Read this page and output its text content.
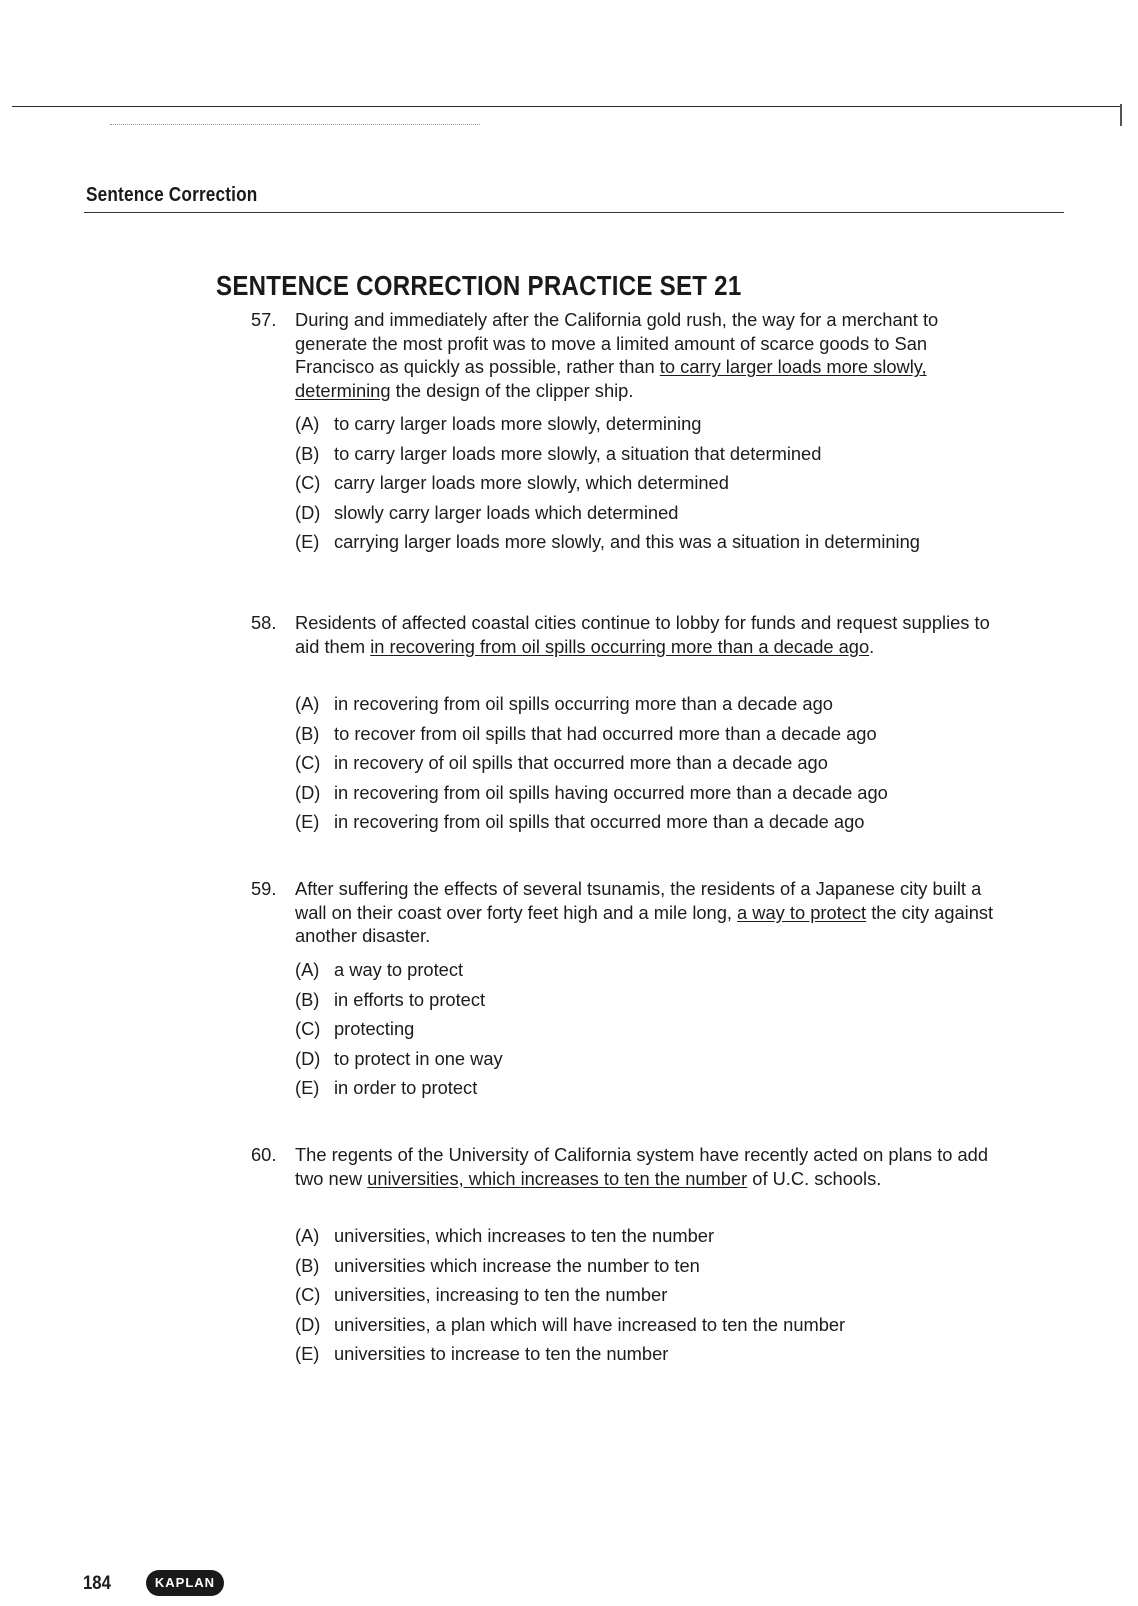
Sentence Correction
SENTENCE CORRECTION PRACTICE SET 21
57. During and immediately after the California gold rush, the way for a merchant to generate the most profit was to move a limited amount of scarce goods to San Francisco as quickly as possible, rather than to carry larger loads more slowly, determining the design of the clipper ship.

(A) to carry larger loads more slowly, determining
(B) to carry larger loads more slowly, a situation that determined
(C) carry larger loads more slowly, which determined
(D) slowly carry larger loads which determined
(E) carrying larger loads more slowly, and this was a situation in determining
58. Residents of affected coastal cities continue to lobby for funds and request supplies to aid them in recovering from oil spills occurring more than a decade ago.

(A) in recovering from oil spills occurring more than a decade ago
(B) to recover from oil spills that had occurred more than a decade ago
(C) in recovery of oil spills that occurred more than a decade ago
(D) in recovering from oil spills having occurred more than a decade ago
(E) in recovering from oil spills that occurred more than a decade ago
59. After suffering the effects of several tsunamis, the residents of a Japanese city built a wall on their coast over forty feet high and a mile long, a way to protect the city against another disaster.

(A) a way to protect
(B) in efforts to protect
(C) protecting
(D) to protect in one way
(E) in order to protect
60. The regents of the University of California system have recently acted on plans to add two new universities, which increases to ten the number of U.C. schools.

(A) universities, which increases to ten the number
(B) universities which increase the number to ten
(C) universities, increasing to ten the number
(D) universities, a plan which will have increased to ten the number
(E) universities to increase to ten the number
184	KAPLAN
